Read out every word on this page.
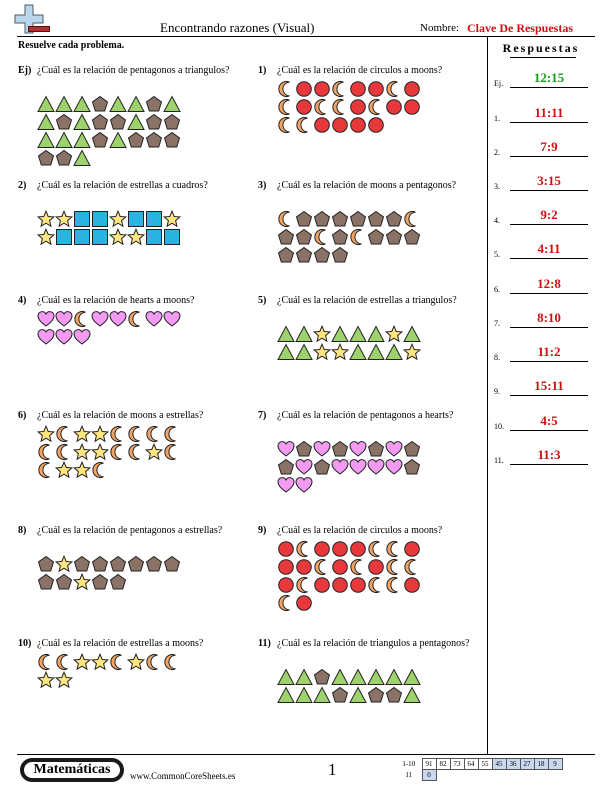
Encontrando razones (Visual)	Nombre: Clave De Respuestas
Resuelve cada problema.	Respuestas
Ej.	12:15
1.	11:11
2.	7:9
3.	3:15
4.	9:2
5.	4:11
6.	12:8
7.	8:10
8.	11:2
9.	15:11
10.	4:5
11.	11:3
Ej) ¿Cuál es la relación de pentagonos a triangulos?	1) ¿Cuál es la relación de circulos a moons?
2) ¿Cuál es la relación de estrellas a cuadros?	3) ¿Cuál es la relación de moons a pentagonos?
4) ¿Cuál es la relación de hearts a moons?	5) ¿Cuál es la relación de estrellas a triangulos?
6) ¿Cuál es la relación de moons a estrellas?	7) ¿Cuál es la relación de pentagonos a hearts?
8) ¿Cuál es la relación de pentagonos a estrellas?	9) ¿Cuál es la relación de circulos a moons?
10) ¿Cuál es la relación de estrellas a moons?	11) ¿Cuál es la relación de triangulos a pentagonos?
Matemáticas	www.CommonCoreSheets.es	1	1-10	91	82	73	64	55	45	36	27	18	9
11	0									
